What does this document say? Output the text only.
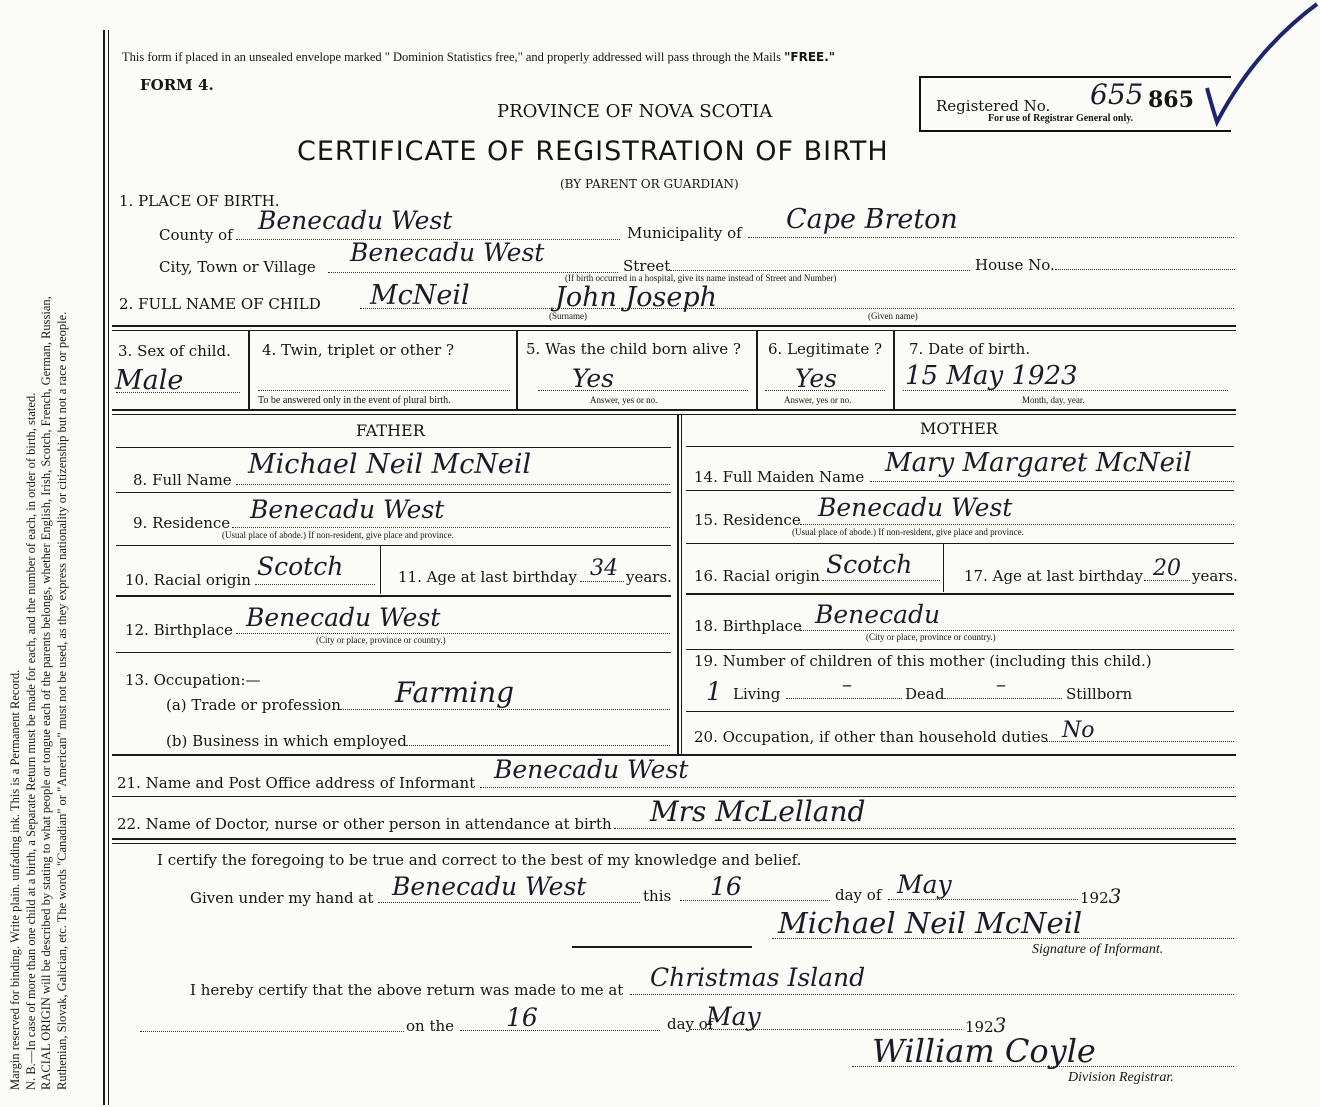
Margin reserved for binding. Write plain. unfading ink. This is a Permanent Record. N. B.—In case of more than one child at a birth, a Separate Return must be made for each, and the number of each, in order of birth, stated. RACIAL ORIGIN will be described by stating to what people or tongue each of the parents belongs, whether English, Irish, Scotch, French, German, Russian, Ruthenian, Slovak, Galician, etc. The words "Canadian" or "American" must not be used, as they express nationality or citizenship but not a race or people.
This form if placed in an unsealed envelope marked " Dominion Statistics free," and properly addressed will pass through the Mails "FREE."
FORM 4.
PROVINCE OF NOVA SCOTIA
CERTIFICATE OF REGISTRATION OF BIRTH
(BY PARENT OR GUARDIAN)
Registered No. 655 865
For use of Registrar General only.
1. PLACE OF BIRTH.
County of Benecadu West	Municipality of Cape Breton
City, Town or Village Benecadu West	Street	House No.
(If birth occurred in a hospital, give its name instead of Street and Number)
2. FULL NAME OF CHILD McNeil	John Joseph
(Surname)	(Given name)
3. Sex of child.
Male
4. Twin, triplet or other ?
To be answered only in the event of plural birth.
5. Was the child born alive ?
Yes
Answer, yes or no.
6. Legitimate ?
Yes
Answer, yes or no.
7. Date of birth.
15 May 1923
Month, day, year.
FATHER	MOTHER
8. Full Name Michael Neil McNeil
9. Residence Benecadu West
(Usual place of abode.) If non-resident, give place and province.
10. Racial origin Scotch	11. Age at last birthday 34 years.
12. Birthplace Benecadu West
(City or place, province or country.)
13. Occupation:—
(a) Trade or profession Farming
(b) Business in which employed
14. Full Maiden Name Mary Margaret McNeil
15. Residence Benecadu West
(Usual place of abode.) If non-resident, give place and province.
16. Racial origin Scotch	17. Age at last birthday 20 years.
18. Birthplace Benecadu
(City or place, province or country.)
19. Number of children of this mother (including this child.)
1 Living	–	Dead	–	Stillborn
20. Occupation, if other than household duties No
21. Name and Post Office address of Informant Benecadu West
22. Name of Doctor, nurse or other person in attendance at birth Mrs McLelland
I certify the foregoing to be true and correct to the best of my knowledge and belief.
Given under my hand at Benecadu West	this 16	day of May	1923
Michael Neil McNeil
Signature of Informant.
I hereby certify that the above return was made to me at Christmas Island
on the 16	day of
May	1923
William Coyle
Division Registrar.
